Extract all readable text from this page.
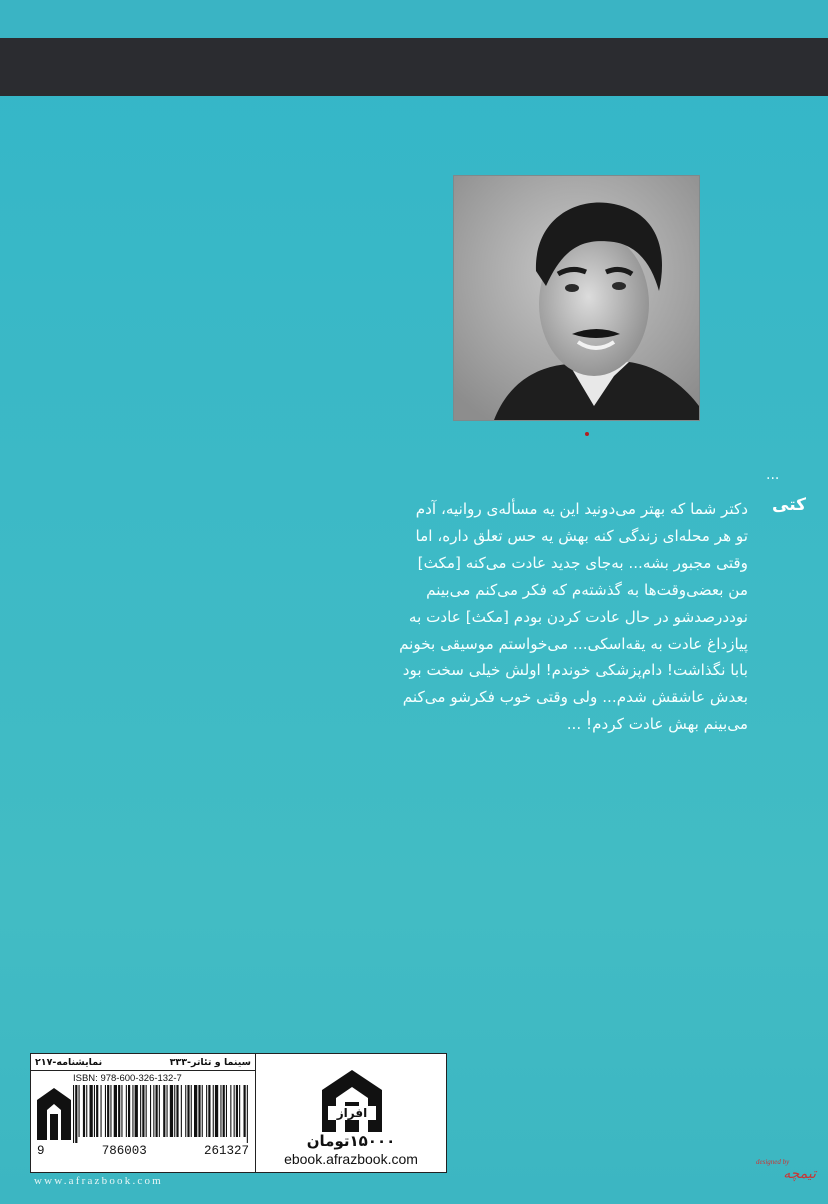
...
کتی
دکتر شما که بهتر می‌دونید این یه مسأله‌ی روانیه، آدم
تو هر محله‌ای زندگی کنه بهش یه حس تعلق داره، اما
وقتی مجبور بشه... به‌جای جدید عادت می‌کنه [مکث]
من بعضی‌وقت‌ها به گذشته‌م که فکر می‌کنم می‌بینم
نوددرصدشو در حال عادت کردن بودم [مکث] عادت به
پیازداغ عادت به یقه‌اسکی... می‌خواستم موسیقی بخونم
بابا نگذاشت! دام‌پزشکی خوندم! اولش خیلی سخت بود
بعدش عاشقش شدم... ولی وقتی خوب فکرشو می‌کنم
می‌بینم بهش عادت کردم! ...
سینما و تئاتر-۳۳۳
نمایشنامه-۲۱۷
ISBN: 978-600-326-132-7
9	786003	261327
افراز
۱۵۰۰۰تومان
ebook.afrazbook.com
www.afrazbook.com
designed by
تیمچه
